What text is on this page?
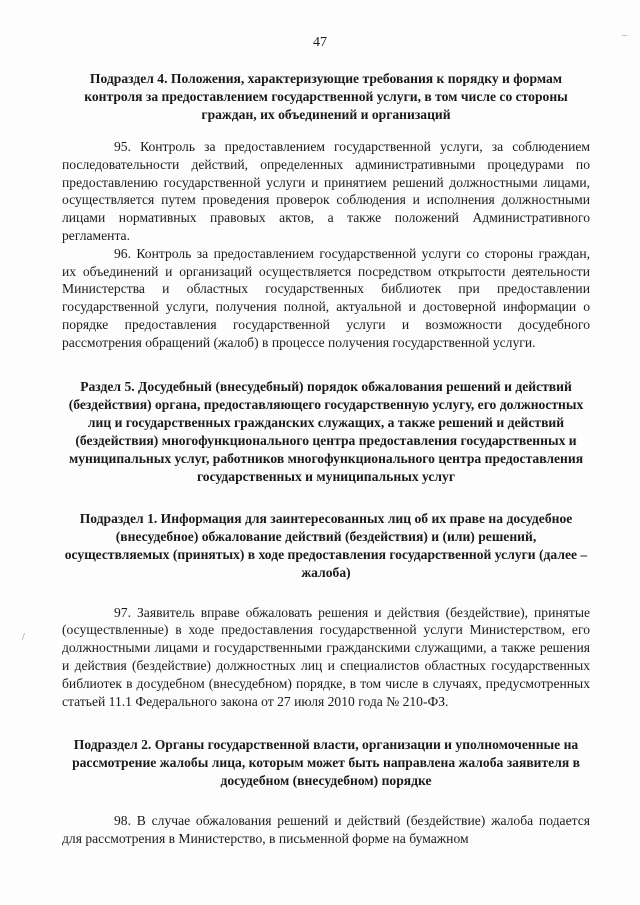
47

Подраздел 4. Положения, характеризующие требования к порядку и формам контроля за предоставлением государственной услуги, в том числе со стороны граждан, их объединений и организаций

95. Контроль за предоставлением государственной услуги, за соблюдением последовательности действий, определенных административными процедурами по предоставлению государственной услуги и принятием решений должностными лицами, осуществляется путем проведения проверок соблюдения и исполнения должностными лицами нормативных правовых актов, а также положений Административного регламента.

96. Контроль за предоставлением государственной услуги со стороны граждан, их объединений и организаций осуществляется посредством открытости деятельности Министерства и областных государственных библиотек при предоставлении государственной услуги, получения полной, актуальной и достоверной информации о порядке предоставления государственной услуги и возможности досудебного рассмотрения обращений (жалоб) в процессе получения государственной услуги.

Раздел 5. Досудебный (внесудебный) порядок обжалования решений и действий (бездействия) органа, предоставляющего государственную услугу, его должностных лиц и государственных гражданских служащих, а также решений и действий (бездействия) многофункционального центра предоставления государственных и муниципальных услуг, работников многофункционального центра предоставления государственных и муниципальных услуг

Подраздел 1. Информация для заинтересованных лиц об их праве на досудебное (внесудебное) обжалование действий (бездействия) и (или) решений, осуществляемых (принятых) в ходе предоставления государственной услуги (далее – жалоба)

97. Заявитель вправе обжаловать решения и действия (бездействие), принятые (осуществленные) в ходе предоставления государственной услуги Министерством, его должностными лицами и государственными гражданскими служащими, а также решения и действия (бездействие) должностных лиц и специалистов областных государственных библиотек в досудебном (внесудебном) порядке, в том числе в случаях, предусмотренных статьей 11.1 Федерального закона от 27 июля 2010 года № 210-ФЗ.

Подраздел 2. Органы государственной власти, организации и уполномоченные на рассмотрение жалобы лица, которым может быть направлена жалоба заявителя в досудебном (внесудебном) порядке

98. В случае обжалования решений и действий (бездействие) жалоба подается для рассмотрения в Министерство, в письменной форме на бумажном

/
–
